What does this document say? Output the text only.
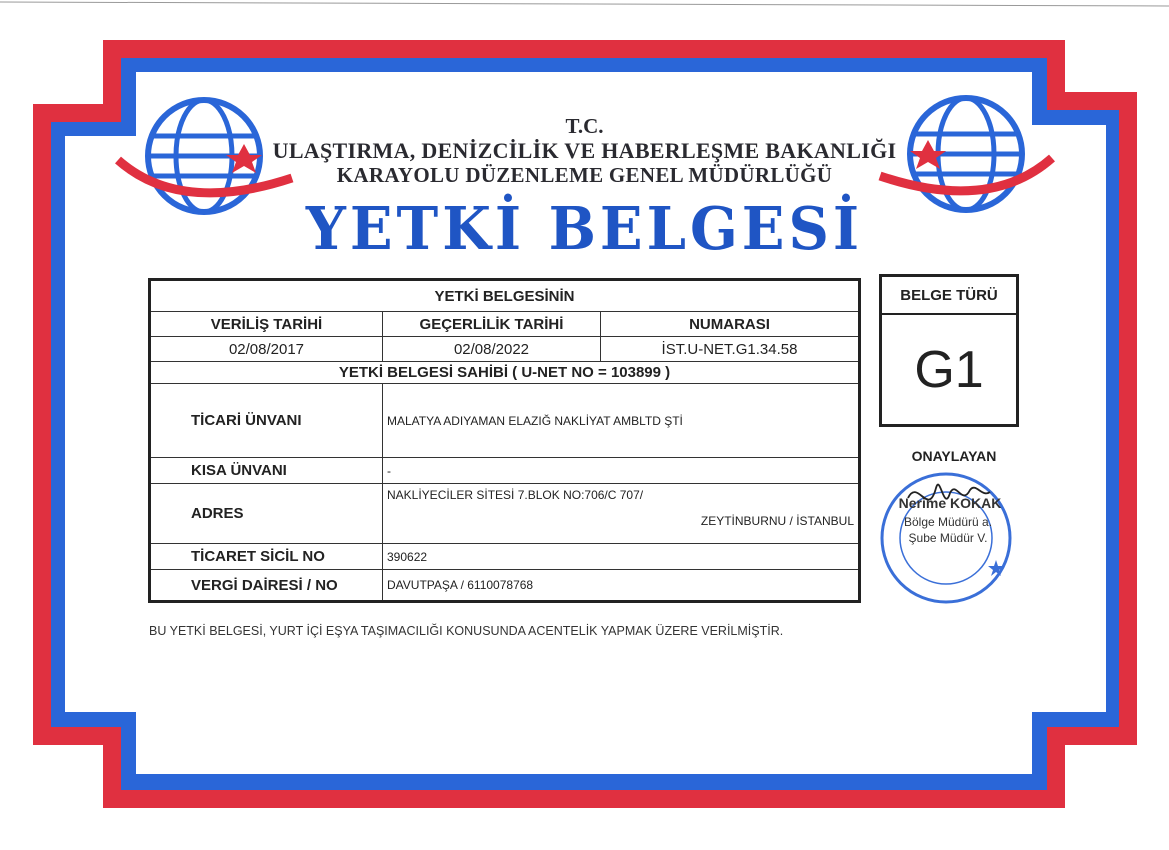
T.C.
ULAŞTIRMA, DENİZCİLİK VE HABERLEŞME BAKANLIĞI
KARAYOLU DÜZENLEME GENEL MÜDÜRLÜĞÜ
YETKİ BELGESİ
YETKİ BELGESİNİN		
VERİLİŞ TARİHİ	GEÇERLİLİK TARİHİ	NUMARASI
02/08/2017	02/08/2022	İST.U-NET.G1.34.58
YETKİ BELGESİ SAHİBİ ( U-NET NO = 103899 )		
TİCARİ ÜNVANI	MALATYA ADIYAMAN ELAZIĞ NAKLİYAT AMBLTD ŞTİ	
KISA ÜNVANI	-	
ADRES	NAKLİYECİLER SİTESİ 7.BLOK NO:706/C 707/
ZEYTİNBURNU / İSTANBUL	

TİCARET SİCİL NO	390622	
VERGİ DAİRESİ / NO	DAVUTPAŞA / 6110078768	
BELGE TÜRÜ
G1
ONAYLAYAN
Nerime KOKAK
Bölge Müdürü a.
Şube Müdür V.
BU YETKİ BELGESİ, YURT İÇİ EŞYA TAŞIMACILIĞI KONUSUNDA ACENTELİK YAPMAK ÜZERE VERİLMİŞTİR.
